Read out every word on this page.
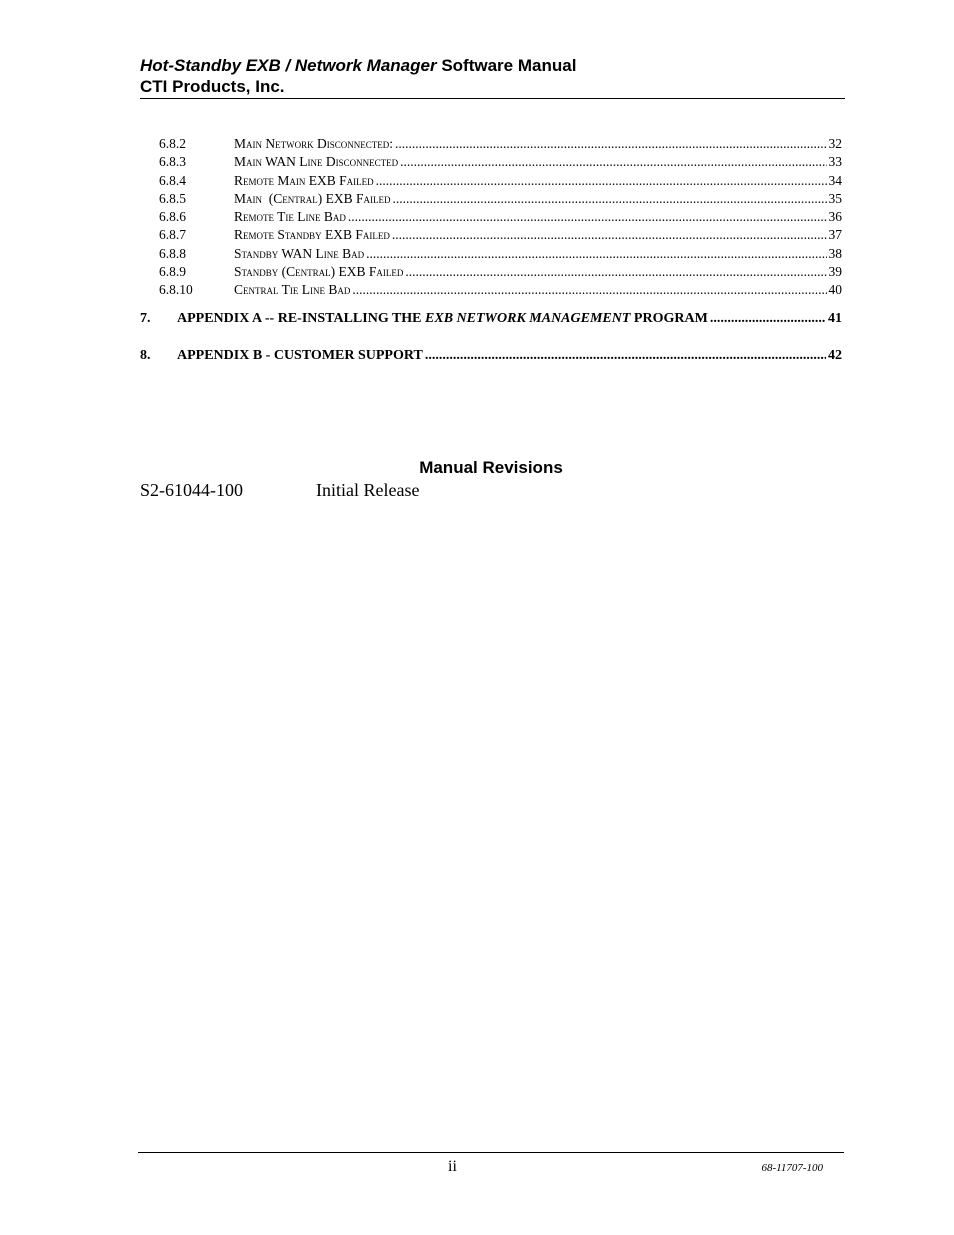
Hot-Standby EXB / Network Manager Software Manual
CTI Products, Inc.
6.8.2	Main Network Disconnected: .....	32
6.8.3	Main WAN Line Disconnected .....	33
6.8.4	Remote Main EXB Failed .....	34
6.8.5	Main  (Central) EXB Failed .....	35
6.8.6	Remote Tie Line Bad .....	36
6.8.7	Remote Standby EXB Failed .....	37
6.8.8	Standby WAN Line Bad .....	38
6.8.9	Standby (Central) EXB Failed .....	39
6.8.10	Central Tie Line Bad .....	40
7.	APPENDIX A -- RE-INSTALLING THE EXB NETWORK MANAGEMENT PROGRAM .....	41
8.	APPENDIX B - CUSTOMER SUPPORT .....	42
Manual Revisions
S2-61044-100	Initial Release
ii	68-11707-100
